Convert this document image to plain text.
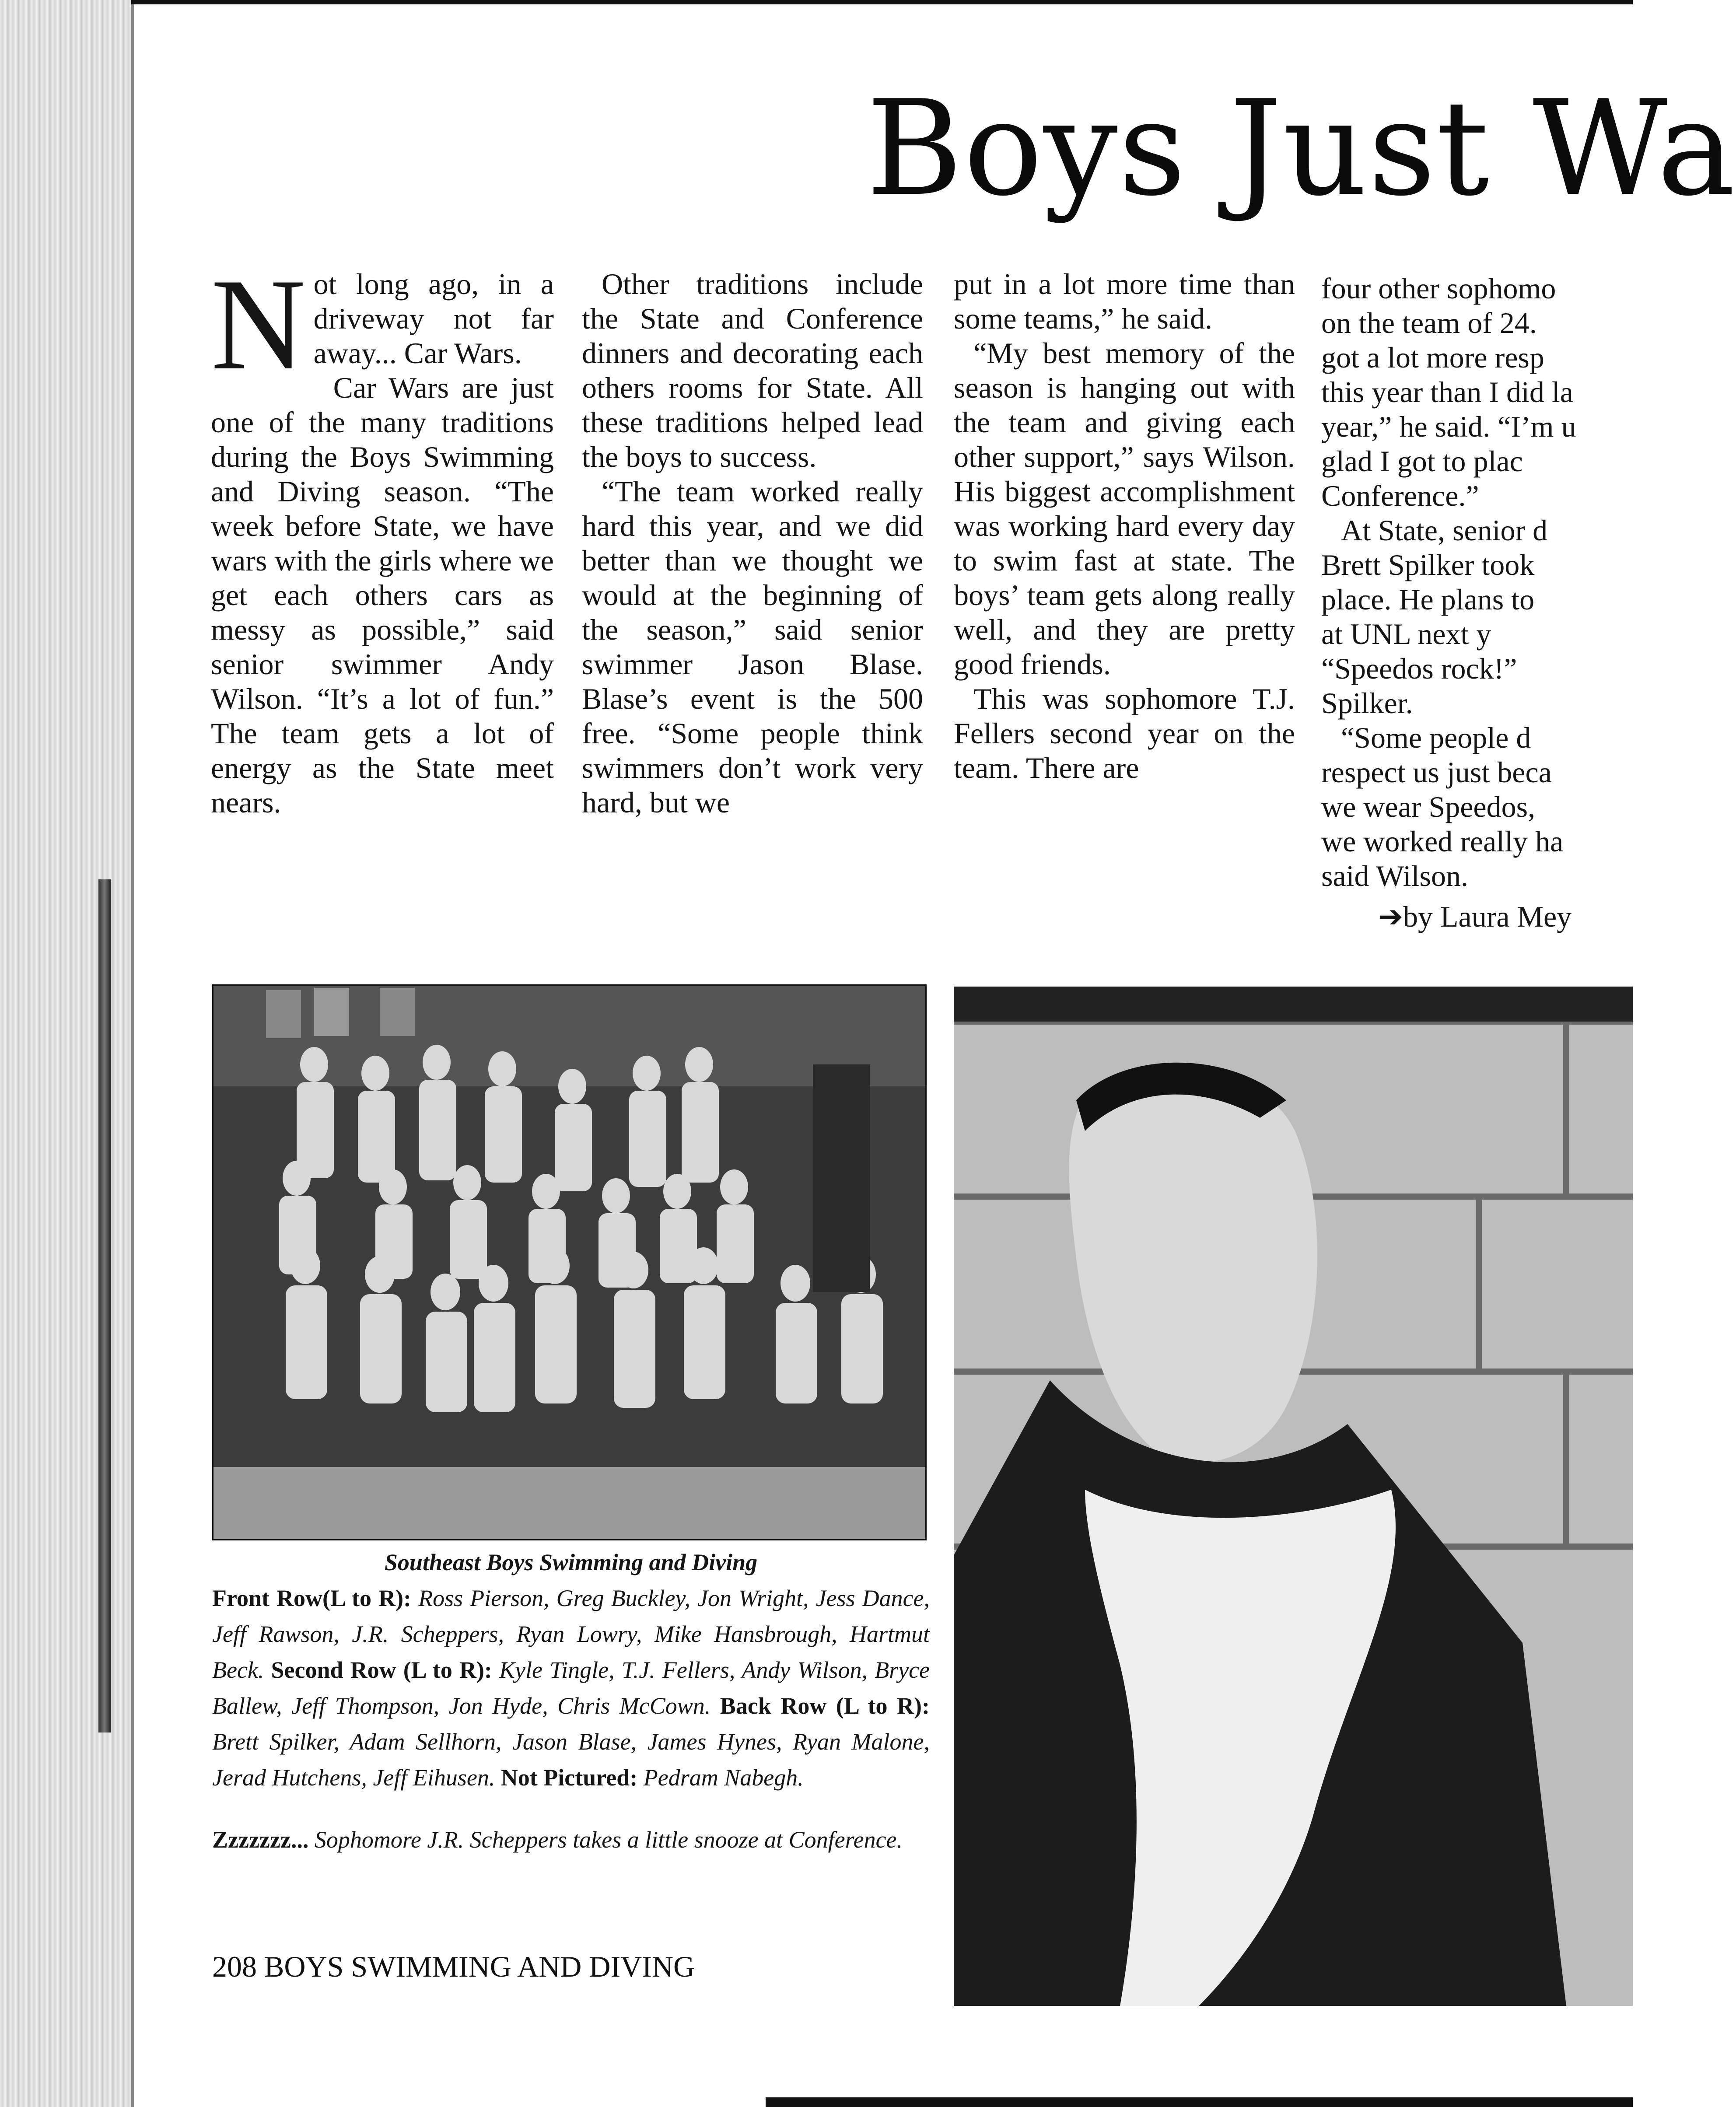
Boys Just Wa
N ot long ago, in a driveway not far away... Car Wars.

Car Wars are just one of the many traditions during the Boys Swimming and Diving season. “The week before State, we have wars with the girls where we get each others cars as messy as possible,” said senior swimmer Andy Wilson. “It’s a lot of fun.” The team gets a lot of energy as the State meet nears.

Other traditions include the State and Conference dinners and decorating each others rooms for State. All these traditions helped lead the boys to success.

“The team worked really hard this year, and we did better than we thought we would at the beginning of the season,” said senior swimmer Jason Blase. Blase’s event is the 500 free. “Some people think swimmers don’t work very hard, but we

put in a lot more time than some teams,” he said.

“My best memory of the season is hanging out with the team and giving each other support,” says Wilson. His biggest accomplishment was working hard every day to swim fast at state. The boys’ team gets along really well, and they are pretty good friends.

This was sophomore T.J. Fellers second year on the team. There are

four other sophomo
on the team of 24.
got a lot more resp
this year than I did la
year,” he said. “I’m u
glad I got to plac
Conference.”
At State, senior d
Brett Spilker took
place. He plans to
at UNL next y
“Speedos rock!”
Spilker.
“Some people d
respect us just beca
we wear Speedos,
we worked really ha
said Wilson.
➔by Laura Mey
Southeast Boys Swimming and Diving
Front Row(L to R): Ross Pierson, Greg Buckley, Jon Wright, Jess Dance, Jeff Rawson, J.R. Scheppers, Ryan Lowry, Mike Hansbrough, Hartmut Beck. Second Row (L to R): Kyle Tingle, T.J. Fellers, Andy Wilson, Bryce Ballew, Jeff Thompson, Jon Hyde, Chris McCown. Back Row (L to R): Brett Spilker, Adam Sellhorn, Jason Blase, James Hynes, Ryan Malone, Jerad Hutchens, Jeff Eihusen. Not Pictured: Pedram Nabegh.
Zzzzzzz... Sophomore J.R. Scheppers takes a little snooze at Conference.
208 BOYS SWIMMING AND DIVING
